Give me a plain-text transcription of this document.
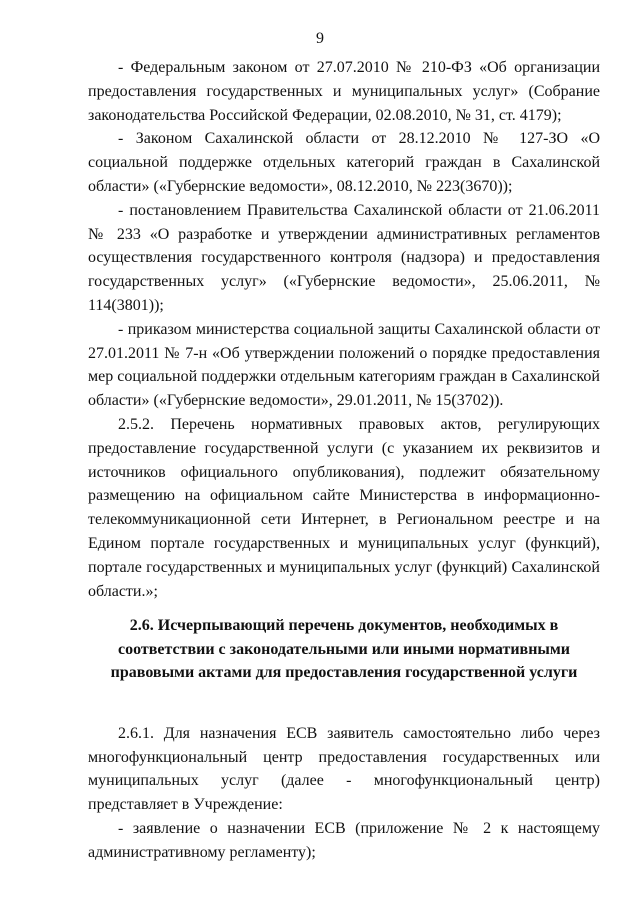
9

- Федеральным законом от 27.07.2010 № 210-ФЗ «Об организации предоставления государственных и муниципальных услуг» (Собрание законодательства Российской Федерации, 02.08.2010, № 31, ст. 4179);

- Законом Сахалинской области от 28.12.2010 № 127-ЗО «О социальной поддержке отдельных категорий граждан в Сахалинской области» («Губернские ведомости», 08.12.2010, № 223(3670));

- постановлением Правительства Сахалинской области от 21.06.2011 № 233 «О разработке и утверждении административных регламентов осуществления государственного контроля (надзора) и предоставления государственных услуг» («Губернские ведомости», 25.06.2011, № 114(3801));

- приказом министерства социальной защиты Сахалинской области от 27.01.2011 № 7-н «Об утверждении положений о порядке предоставления мер социальной поддержки отдельным категориям граждан в Сахалинской области» («Губернские ведомости», 29.01.2011, № 15(3702)).

2.5.2. Перечень нормативных правовых актов, регулирующих предоставление государственной услуги (с указанием их реквизитов и источников официального опубликования), подлежит обязательному размещению на официальном сайте Министерства в информационно-телекоммуникационной сети Интернет, в Региональном реестре и на Едином портале государственных и муниципальных услуг (функций), портале государственных и муниципальных услуг (функций) Сахалинской области.»;

2.6. Исчерпывающий перечень документов, необходимых в
соответствии с законодательными или иными нормативными
правовыми актами для предоставления государственной услуги

2.6.1. Для назначения ЕСВ заявитель самостоятельно либо через многофункциональный центр предоставления государственных или муниципальных услуг (далее - многофункциональный центр) представляет в Учреждение:

- заявление о назначении ЕСВ (приложение № 2 к настоящему административному регламенту);
